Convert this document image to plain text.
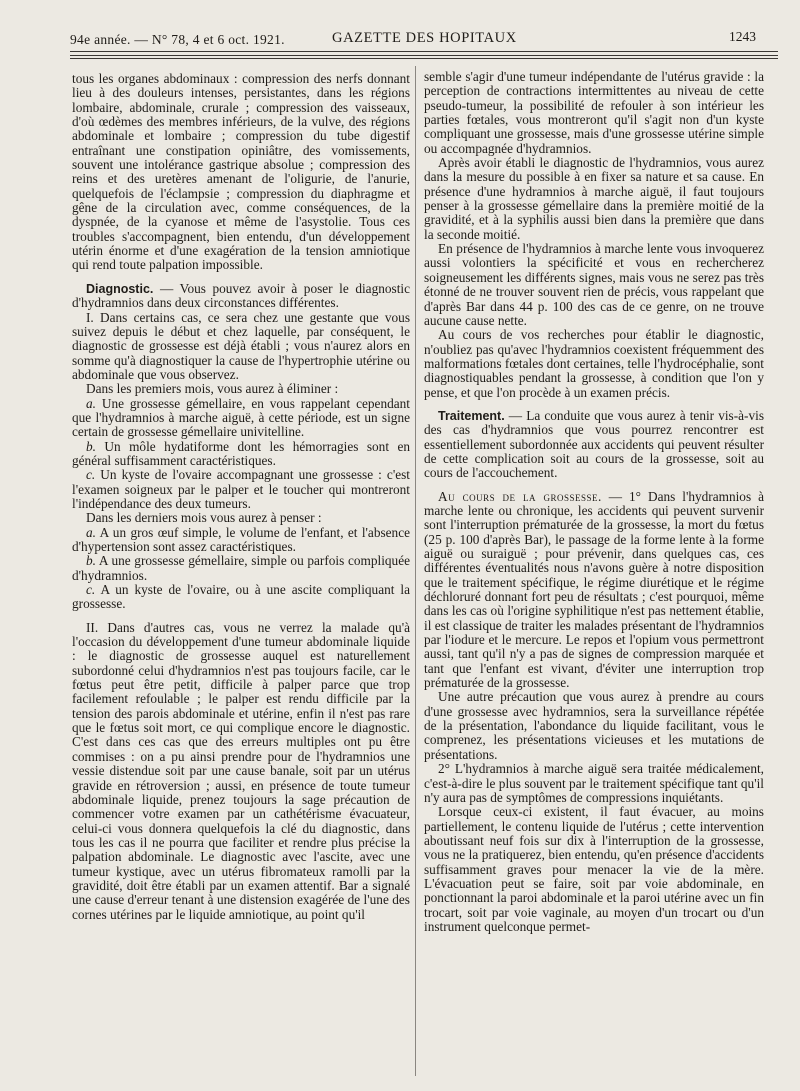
94e année. — N° 78, 4 et 6 oct. 1921.	GAZETTE DES HOPITAUX	1243

tous les organes abdominaux : compression des nerfs donnant lieu à des douleurs intenses, persistantes, dans les régions lombaire, abdominale, crurale ; compression des vaisseaux, d'où œdèmes des membres inférieurs, de la vulve, des régions abdominale et lombaire ; compression du tube digestif entraînant une constipation opiniâtre, des vomissements, souvent une intolérance gastrique absolue ; compression des reins et des uretères amenant de l'oligurie, de l'anurie, quelquefois de l'éclampsie ; compression du diaphragme et gêne de la circulation avec, comme conséquences, de la dyspnée, de la cyanose et même de l'asystolie. Tous ces troubles s'accompagnent, bien entendu, d'un développement utérin énorme et d'une exagération de la tension amniotique qui rend toute palpation impossible.

Diagnostic. — Vous pouvez avoir à poser le diagnostic d'hydramnios dans deux circonstances différentes.

I. Dans certains cas, ce sera chez une gestante que vous suivez depuis le début et chez laquelle, par conséquent, le diagnostic de grossesse est déjà établi ; vous n'aurez alors en somme qu'à diagnostiquer la cause de l'hypertrophie utérine ou abdominale que vous observez.

Dans les premiers mois, vous aurez à éliminer :

a. Une grossesse gémellaire, en vous rappelant cependant que l'hydramnios à marche aiguë, à cette période, est un signe certain de grossesse gémellaire univitelline.

b. Un môle hydatiforme dont les hémorragies sont en général suffisamment caractéristiques.

c. Un kyste de l'ovaire accompagnant une grossesse : c'est l'examen soigneux par le palper et le toucher qui montreront l'indépendance des deux tumeurs.

Dans les derniers mois vous aurez à penser :

a. A un gros œuf simple, le volume de l'enfant, et l'absence d'hypertension sont assez caractéristiques.

b. A une grossesse gémellaire, simple ou parfois compliquée d'hydramnios.

c. A un kyste de l'ovaire, ou à une ascite compliquant la grossesse.

II. Dans d'autres cas, vous ne verrez la malade qu'à l'occasion du développement d'une tumeur abdominale liquide : le diagnostic de grossesse auquel est naturellement subordonné celui d'hydramnios n'est pas toujours facile, car le fœtus peut être petit, difficile à palper parce que trop facilement refoulable ; le palper est rendu difficile par la tension des parois abdominale et utérine, enfin il n'est pas rare que le fœtus soit mort, ce qui complique encore le diagnostic. C'est dans ces cas que des erreurs multiples ont pu être commises : on a pu ainsi prendre pour de l'hydramnios une vessie distendue soit par une cause banale, soit par un utérus gravide en rétroversion ; aussi, en présence de toute tumeur abdominale liquide, prenez toujours la sage précaution de commencer votre examen par un cathétérisme évacuateur, celui-ci vous donnera quelquefois la clé du diagnostic, dans tous les cas il ne pourra que faciliter et rendre plus précise la palpation abdominale. Le diagnostic avec l'ascite, avec une tumeur kystique, avec un utérus fibromateux ramolli par la gravidité, doit être établi par un examen attentif. Bar a signalé une cause d'erreur tenant à une distension exagérée de l'une des cornes utérines par le liquide amniotique, au point qu'il

semble s'agir d'une tumeur indépendante de l'utérus gravide : la perception de contractions intermittentes au niveau de cette pseudo-tumeur, la possibilité de refouler à son intérieur les parties fœtales, vous montreront qu'il s'agit non d'un kyste compliquant une grossesse, mais d'une grossesse utérine simple ou accompagnée d'hydramnios.

Après avoir établi le diagnostic de l'hydramnios, vous aurez dans la mesure du possible à en fixer sa nature et sa cause. En présence d'une hydramnios à marche aiguë, il faut toujours penser à la grossesse gémellaire dans la première moitié de la gravidité, et à la syphilis aussi bien dans la première que dans la seconde moitié.

En présence de l'hydramnios à marche lente vous invoquerez aussi volontiers la spécificité et vous en rechercherez soigneusement les différents signes, mais vous ne serez pas très étonné de ne trouver souvent rien de précis, vous rappelant que d'après Bar dans 44 p. 100 des cas de ce genre, on ne trouve aucune cause nette.

Au cours de vos recherches pour établir le diagnostic, n'oubliez pas qu'avec l'hydramnios coexistent fréquemment des malformations fœtales dont certaines, telle l'hydrocéphalie, sont diagnostiquables pendant la grossesse, à condition que l'on y pense, et que l'on procède à un examen précis.

Traitement. — La conduite que vous aurez à tenir vis-à-vis des cas d'hydramnios que vous pourrez rencontrer est essentiellement subordonnée aux accidents qui peuvent résulter de cette complication soit au cours de la grossesse, soit au cours de l'accouchement.

Au cours de la grossesse. — 1° Dans l'hydramnios à marche lente ou chronique, les accidents qui peuvent survenir sont l'interruption prématurée de la grossesse, la mort du fœtus (25 p. 100 d'après Bar), le passage de la forme lente à la forme aiguë ou suraiguë ; pour prévenir, dans quelques cas, ces différentes éventualités nous n'avons guère à notre disposition que le traitement spécifique, le régime diurétique et le régime déchloruré donnant fort peu de résultats ; c'est pourquoi, même dans les cas où l'origine syphilitique n'est pas nettement établie, il est classique de traiter les malades présentant de l'hydramnios par l'iodure et le mercure. Le repos et l'opium vous permettront aussi, tant qu'il n'y a pas de signes de compression marquée et tant que l'enfant est vivant, d'éviter une interruption trop prématurée de la grossesse.

Une autre précaution que vous aurez à prendre au cours d'une grossesse avec hydramnios, sera la surveillance répétée de la présentation, l'abondance du liquide facilitant, vous le comprenez, les présentations vicieuses et les mutations de présentations.

2° L'hydramnios à marche aiguë sera traitée médicalement, c'est-à-dire le plus souvent par le traitement spécifique tant qu'il n'y aura pas de symptômes de compressions inquiétants.

Lorsque ceux-ci existent, il faut évacuer, au moins partiellement, le contenu liquide de l'utérus ; cette intervention aboutissant neuf fois sur dix à l'interruption de la grossesse, vous ne la pratiquerez, bien entendu, qu'en présence d'accidents suffisamment graves pour menacer la vie de la mère. L'évacuation peut se faire, soit par voie abdominale, en ponctionnant la paroi abdominale et la paroi utérine avec un fin trocart, soit par voie vaginale, au moyen d'un trocart ou d'un instrument quelconque permet-
